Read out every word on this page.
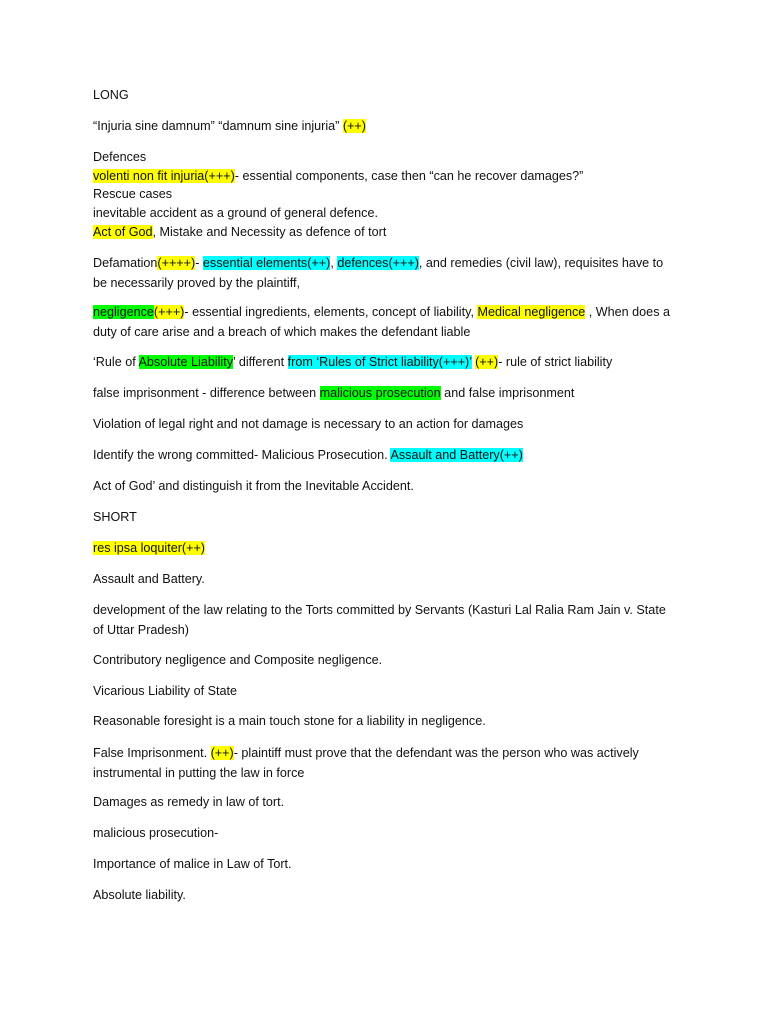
LONG
“Injuria sine damnum” “damnum sine injuria” (++)
Defences
volenti non fit injuria(+++)- essential components, case then “can he recover damages?”
Rescue cases
inevitable accident as a ground of general defence.
Act of God, Mistake and Necessity as defence of tort
Defamation(++++)- essential elements(++), defences(+++), and remedies (civil law), requisites have to be necessarily proved by the plaintiff,
negligence(+++)- essential ingredients, elements, concept of liability, Medical negligence , When does a duty of care arise and a breach of which makes the defendant liable
‘Rule of Absolute Liability’ different from ‘Rules of Strict liability(+++)’ (++)- rule of strict liability
false imprisonment - difference between malicious prosecution and false imprisonment
Violation of legal right and not damage is necessary to an action for damages
Identify the wrong committed- Malicious Prosecution. Assault and Battery(++)
Act of God’ and distinguish it from the Inevitable Accident.
SHORT
res ipsa loquiter(++)
Assault and Battery.
development of the law relating to the Torts committed by Servants (Kasturi Lal Ralia Ram Jain v. State of Uttar Pradesh)
Contributory negligence and Composite negligence.
Vicarious Liability of State
Reasonable foresight is a main touch stone for a liability in negligence.
False Imprisonment. (++)- plaintiff must prove that the defendant was the person who was actively instrumental in putting the law in force
Damages as remedy in law of tort.
malicious prosecution-
Importance of malice in Law of Tort.
Absolute liability.
